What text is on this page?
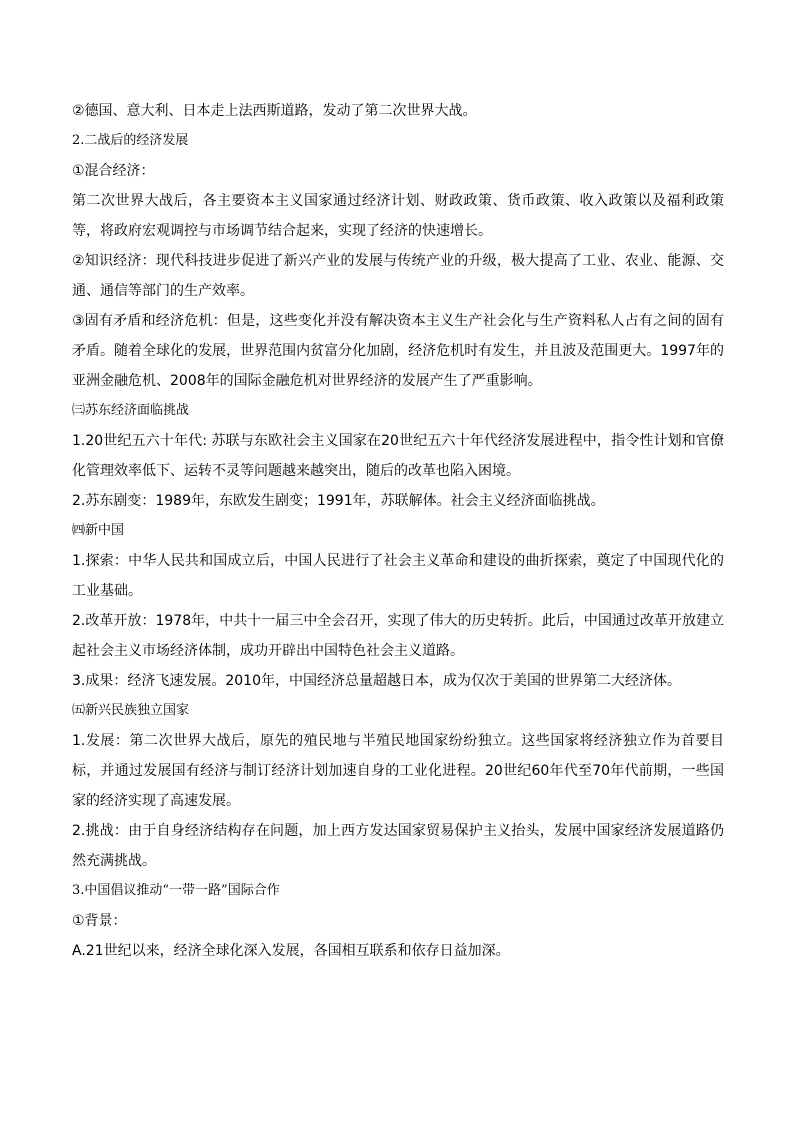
②德国、意大利、日本走上法西斯道路，发动了第二次世界大战。

2.二战后的经济发展

①混合经济：

第二次世界大战后，各主要资本主义国家通过经济计划、财政政策、货币政策、收入政策以及福利政策等，将政府宏观调控与市场调节结合起来，实现了经济的快速增长。

②知识经济：现代科技进步促进了新兴产业的发展与传统产业的升级，极大提高了工业、农业、能源、交通、通信等部门的生产效率。

③固有矛盾和经济危机：但是，这些变化并没有解决资本主义生产社会化与生产资料私人占有之间的固有矛盾。随着全球化的发展，世界范围内贫富分化加剧，经济危机时有发生，并且波及范围更大。1997年的亚洲金融危机、2008年的国际金融危机对世界经济的发展产生了严重影响。

㈢苏东经济面临挑战

1.20世纪五六十年代: 苏联与东欧社会主义国家在20世纪五六十年代经济发展进程中，指令性计划和官僚化管理效率低下、运转不灵等问题越来越突出，随后的改革也陷入困境。

2.苏东剧变：1989年，东欧发生剧变；1991年，苏联解体。社会主义经济面临挑战。

㈣新中国

1.探索：中华人民共和国成立后，中国人民进行了社会主义革命和建设的曲折探索，奠定了中国现代化的工业基础。

2.改革开放：1978年，中共十一届三中全会召开，实现了伟大的历史转折。此后，中国通过改革开放建立起社会主义市场经济体制，成功开辟出中国特色社会主义道路。

3.成果：经济飞速发展。2010年，中国经济总量超越日本，成为仅次于美国的世界第二大经济体。

㈤新兴民族独立国家

1.发展：第二次世界大战后，原先的殖民地与半殖民地国家纷纷独立。这些国家将经济独立作为首要目标，并通过发展国有经济与制订经济计划加速自身的工业化进程。20世纪60年代至70年代前期，一些国家的经济实现了高速发展。

2.挑战：由于自身经济结构存在问题，加上西方发达国家贸易保护主义抬头，发展中国家经济发展道路仍然充满挑战。

3.中国倡议推动“一带一路”国际合作

①背景：

A.21世纪以来，经济全球化深入发展，各国相互联系和依存日益加深。
